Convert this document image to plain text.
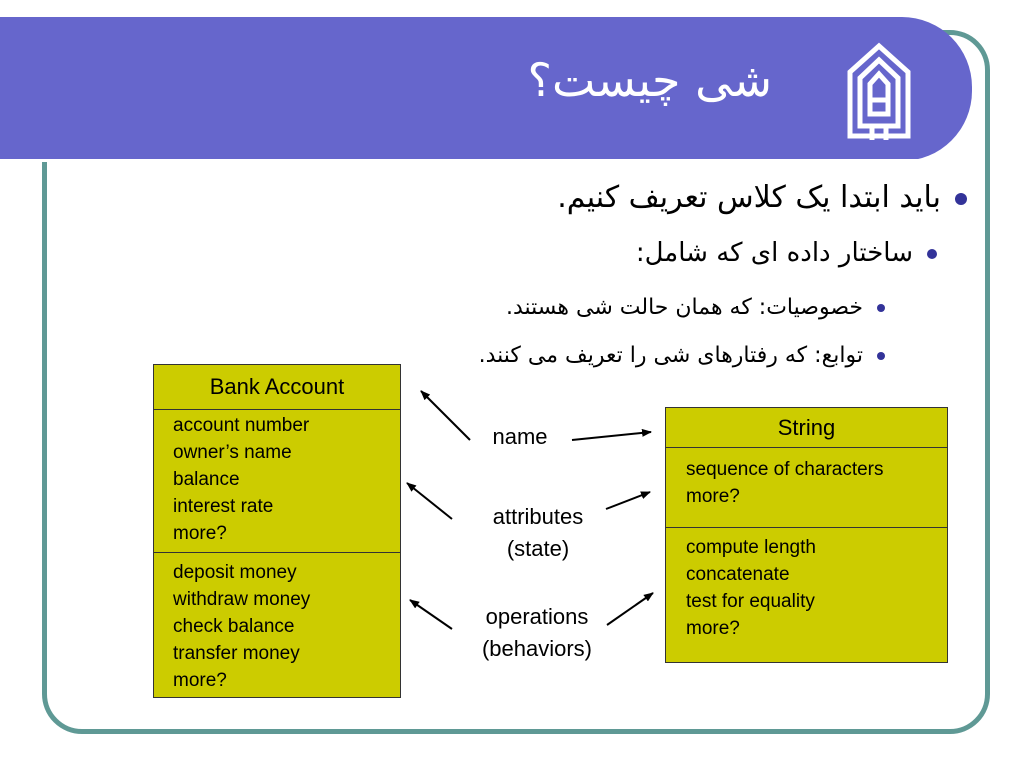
شی چیست؟
باید ابتدا یک کلاس تعریف کنیم.
ساختار داده ای که شامل:
خصوصیات: که همان حالت شی هستند.
توابع: که رفتارهای شی را تعریف می کنند.
Bank Account
account number
owner’s name
balance
interest rate
more?
deposit money
withdraw money
check balance
transfer money
more?
String
sequence of characters
more?
compute length
concatenate
test for equality
more?
name
attributes
(state)
operations
(behaviors)
